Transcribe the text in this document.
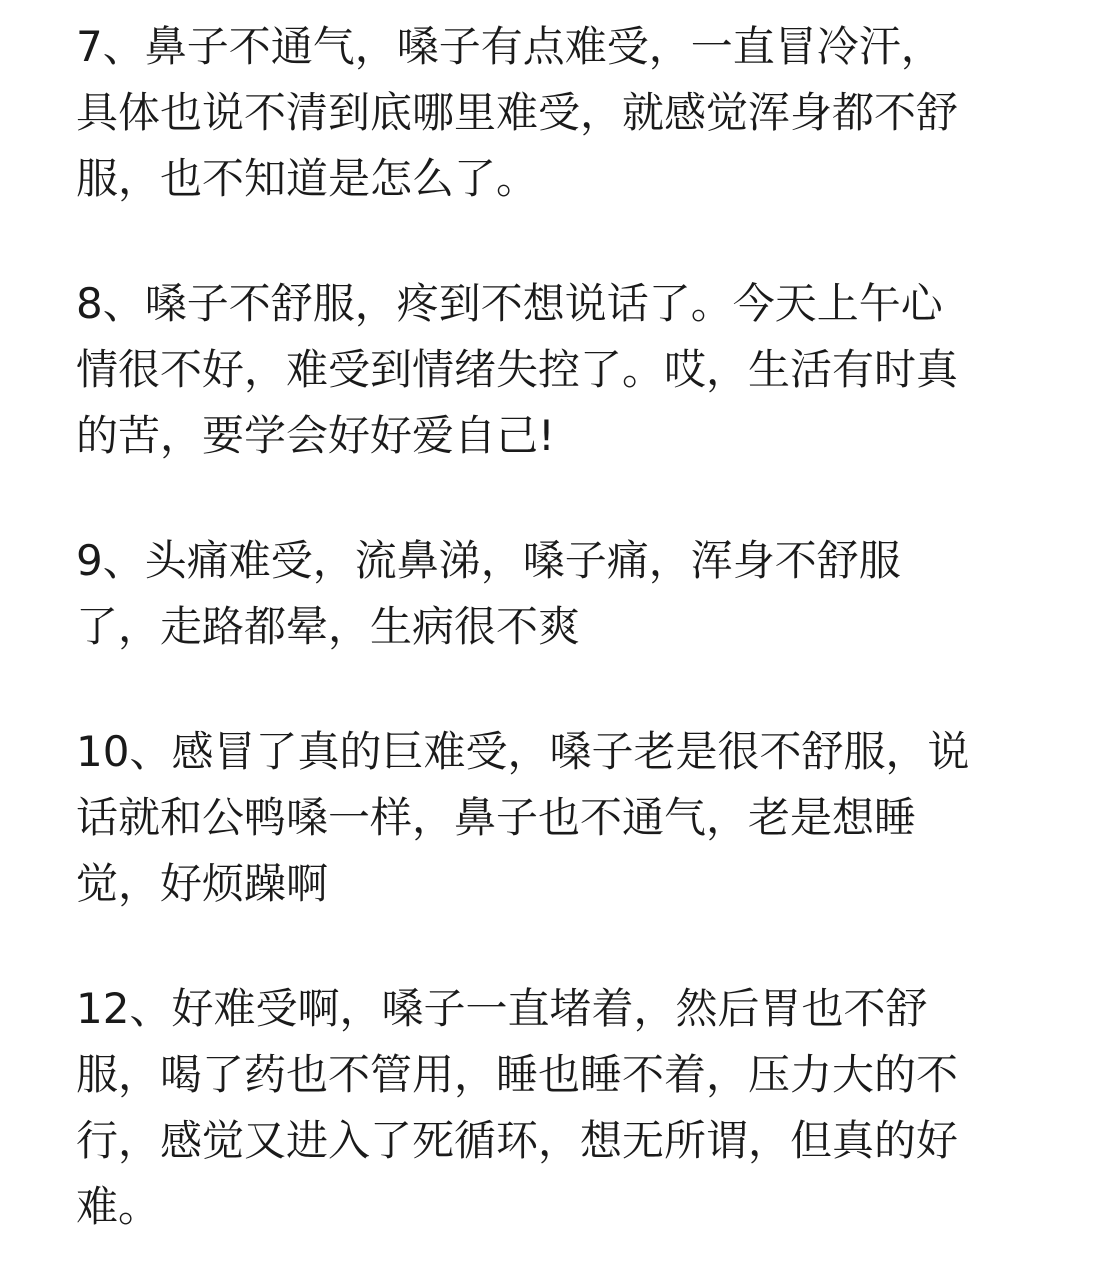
7、鼻子不通气，嗓子有点难受，一直冒冷汗，
具体也说不清到底哪里难受，就感觉浑身都不舒
服，也不知道是怎么了。

8、嗓子不舒服，疼到不想说话了。今天上午心
情很不好，难受到情绪失控了。哎，生活有时真
的苦，要学会好好爱自己!

9、头痛难受，流鼻涕，嗓子痛，浑身不舒服
了，走路都晕，生病很不爽

10、感冒了真的巨难受，嗓子老是很不舒服，说
话就和公鸭嗓一样，鼻子也不通气，老是想睡
觉，好烦躁啊

12、好难受啊，嗓子一直堵着，然后胃也不舒
服，喝了药也不管用，睡也睡不着，压力大的不
行，感觉又进入了死循环，想无所谓，但真的好
难。
